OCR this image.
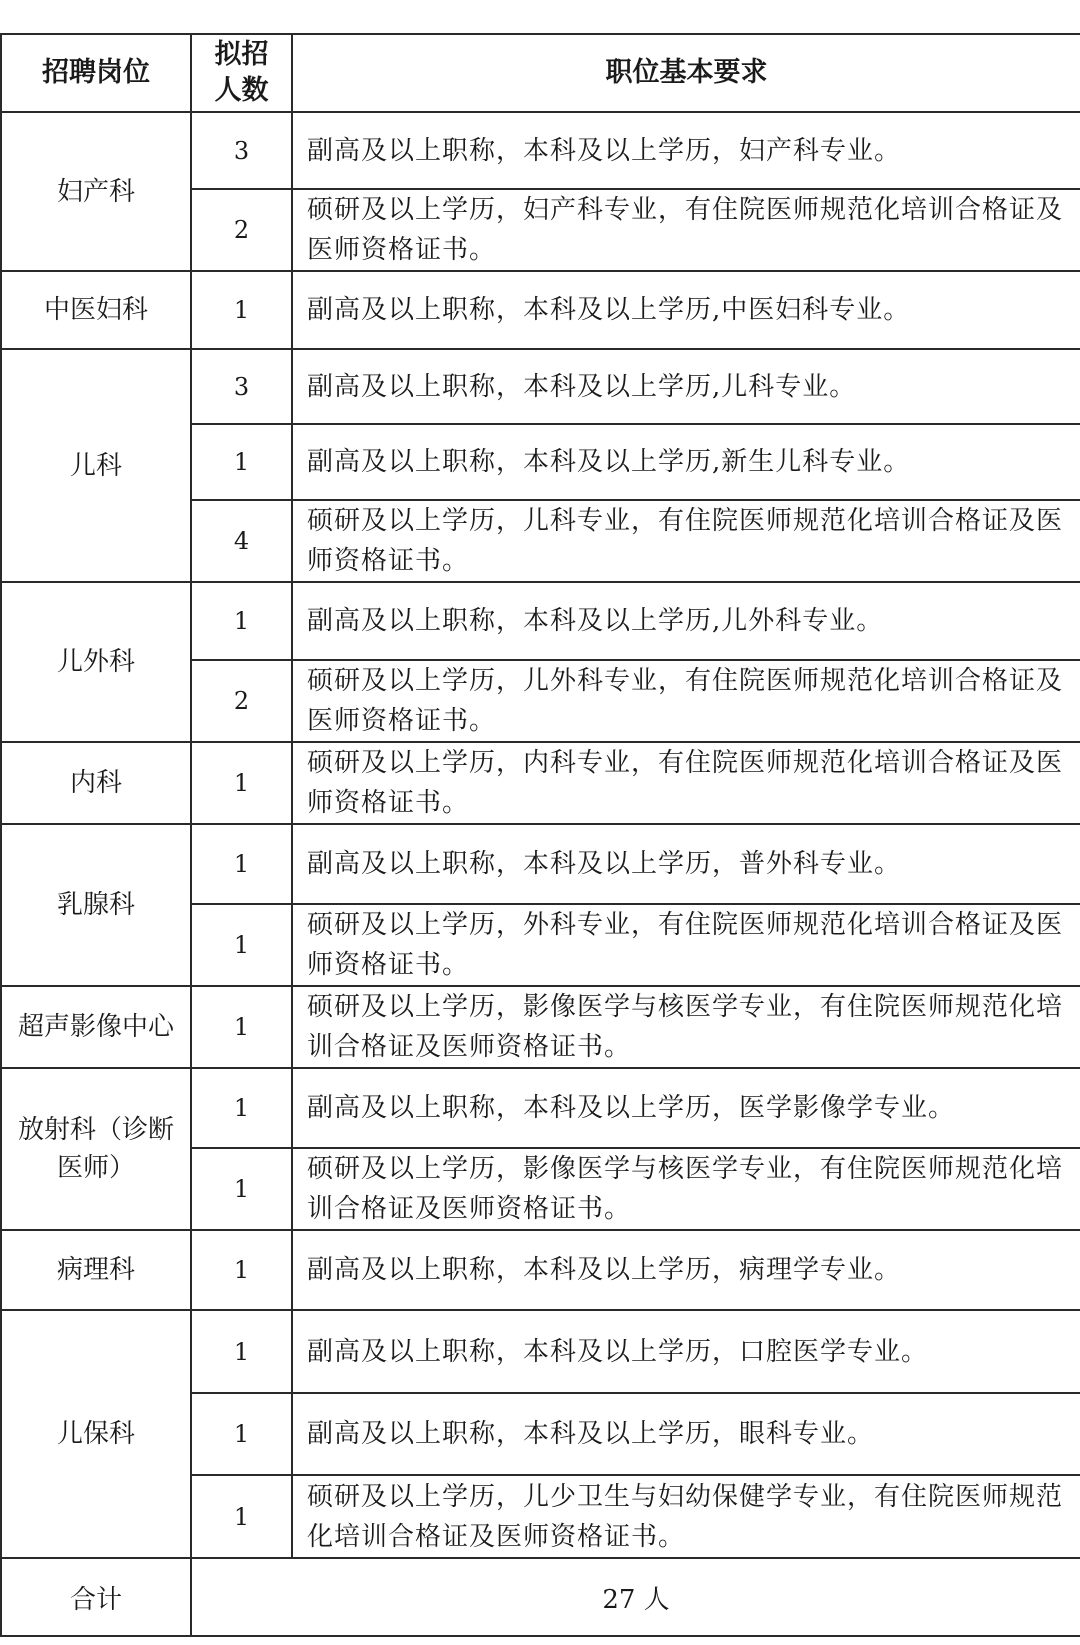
招聘岗位	拟招人数	职位基本要求
妇产科	3	副高及以上职称，本科及以上学历，妇产科专业。
	2	硕研及以上学历，妇产科专业，有住院医师规范化培训合格证及医师资格证书。
中医妇科	1	副高及以上职称，本科及以上学历,中医妇科专业。
儿科	3	副高及以上职称，本科及以上学历,儿科专业。
	1	副高及以上职称，本科及以上学历,新生儿科专业。
	4	硕研及以上学历，儿科专业，有住院医师规范化培训合格证及医师资格证书。
儿外科	1	副高及以上职称，本科及以上学历,儿外科专业。
	2	硕研及以上学历，儿外科专业，有住院医师规范化培训合格证及医师资格证书。
内科	1	硕研及以上学历，内科专业，有住院医师规范化培训合格证及医师资格证书。
乳腺科	1	副高及以上职称，本科及以上学历，普外科专业。
	1	硕研及以上学历，外科专业，有住院医师规范化培训合格证及医师资格证书。
超声影像中心	1	硕研及以上学历，影像医学与核医学专业，有住院医师规范化培训合格证及医师资格证书。
放射科（诊断医师）	1	副高及以上职称，本科及以上学历，医学影像学专业。
	1	硕研及以上学历，影像医学与核医学专业，有住院医师规范化培训合格证及医师资格证书。
病理科	1	副高及以上职称，本科及以上学历，病理学专业。
儿保科	1	副高及以上职称，本科及以上学历，口腔医学专业。
	1	副高及以上职称，本科及以上学历，眼科专业。
	1	硕研及以上学历，儿少卫生与妇幼保健学专业，有住院医师规范化培训合格证及医师资格证书。
合计	27 人	
